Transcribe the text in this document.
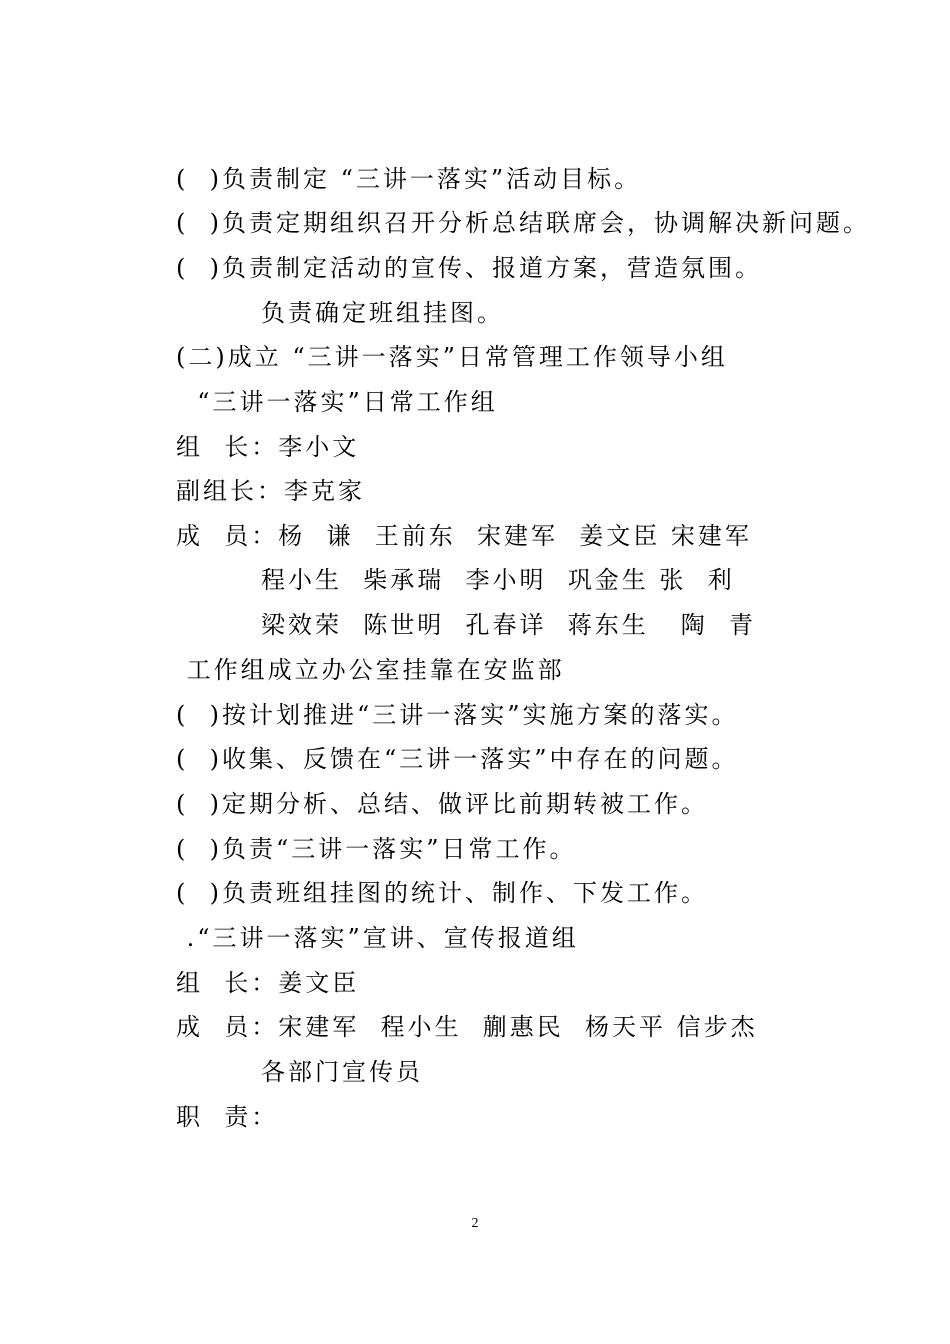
(  )负责制定 “三讲一落实”活动目标。
(  )负责定期组织召开分析总结联席会，协调解决新问题。
(  )负责制定活动的宣传、报道方案，营造氛围。
负责确定班组挂图。
(二)成立 “三讲一落实”日常管理工作领导小组
“三讲一落实”日常工作组
组  长：李小文
副组长：李克家
成  员：杨  谦  王前东  宋建军  姜文臣 宋建军
程小生  柴承瑞  李小明  巩金生 张  利
梁效荣  陈世明  孔春详  蒋东生   陶  青
工作组成立办公室挂靠在安监部
(  )按计划推进“三讲一落实”实施方案的落实。
(  )收集、反馈在“三讲一落实”中存在的问题。
(  )定期分析、总结、做评比前期转被工作。
(  )负责“三讲一落实”日常工作。
(  )负责班组挂图的统计、制作、下发工作。
.“三讲一落实”宣讲、宣传报道组
组  长：姜文臣
成  员：宋建军  程小生  蒯惠民  杨天平 信步杰
各部门宣传员
职  责：
2
